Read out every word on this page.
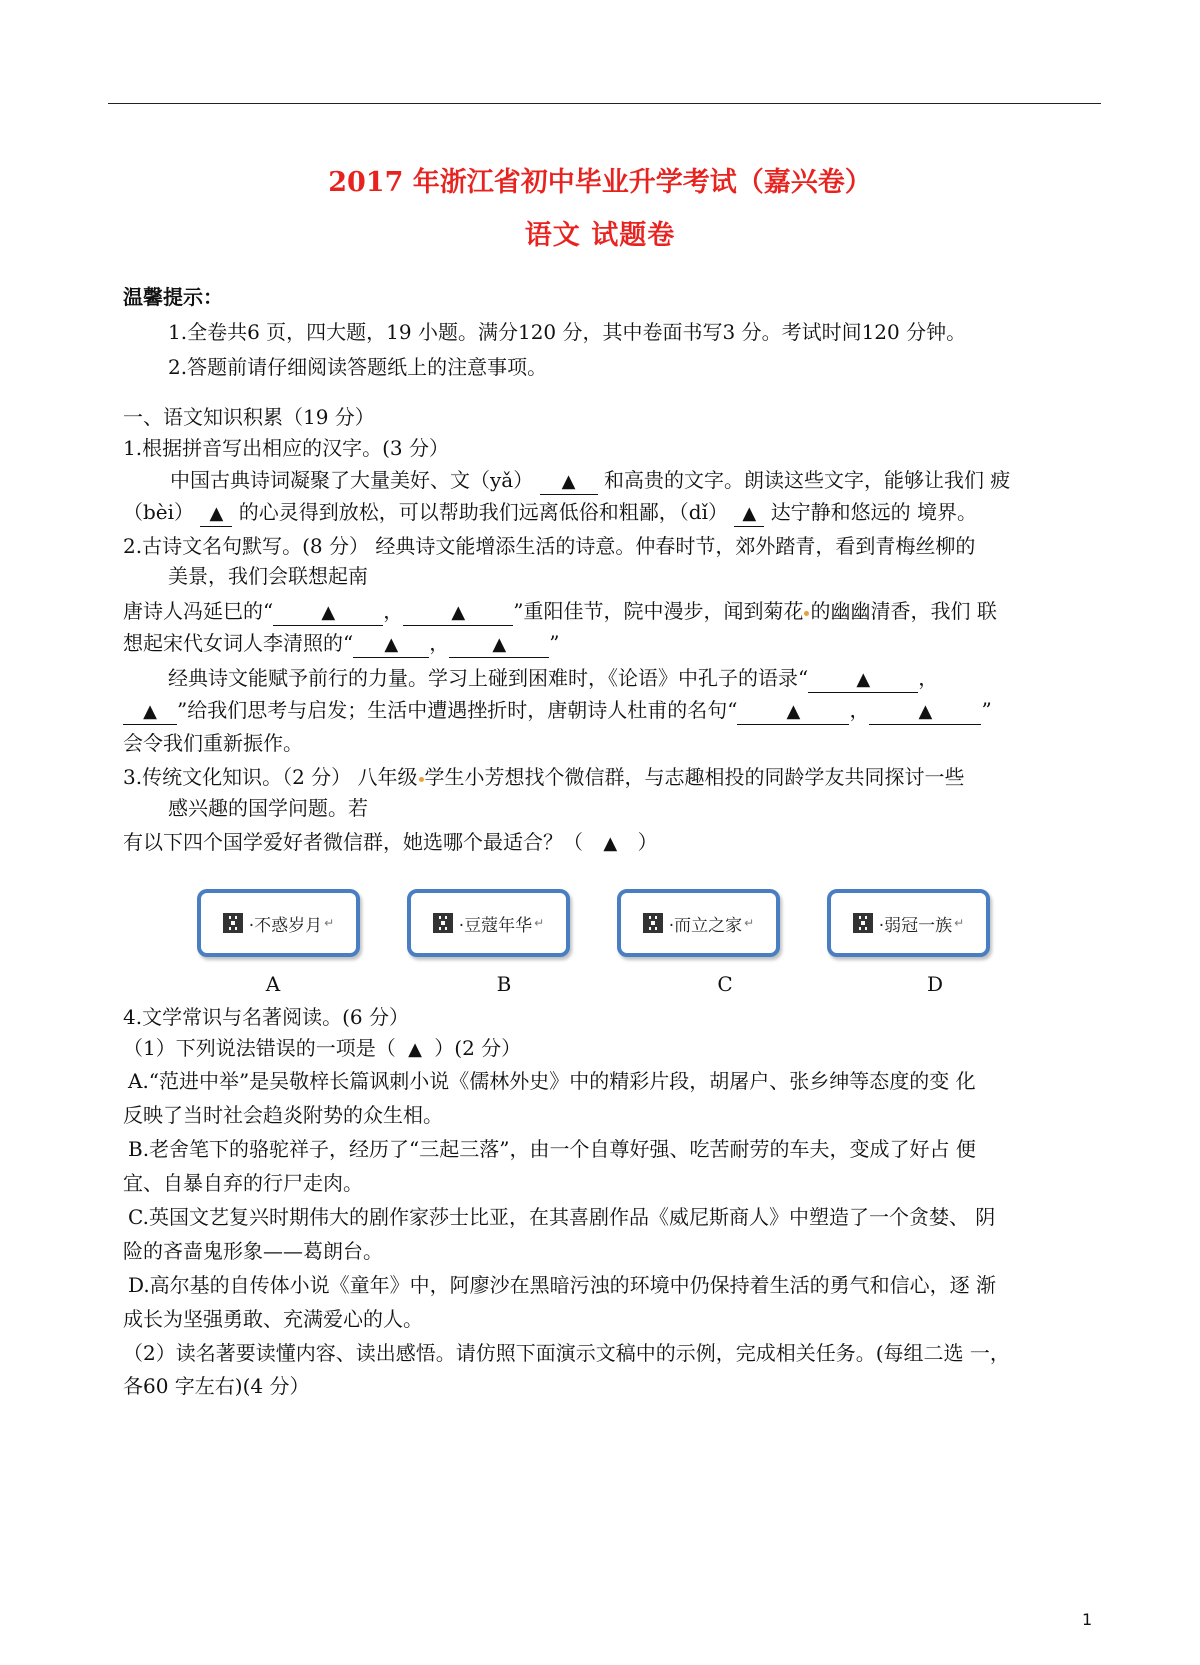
2017 年浙江省初中毕业升学考试（嘉兴卷）
语文 试题卷
温馨提示：
1.全卷共6 页，四大题，19 小题。满分120 分，其中卷面书写3 分。考试时间120 分钟。
2.答题前请仔细阅读答题纸上的注意事项。
一、语文知识积累（19 分）
1.根据拼音写出相应的汉字。(3 分）
中国古典诗词凝聚了大量美好、文（yǎ） ▲ 和高贵的文字。朗读这些文字，能够让我们 疲
（bèi） ▲ 的心灵得到放松，可以帮助我们远离低俗和粗鄙，（dǐ） ▲ 达宁静和悠远的 境界。
2.古诗文名句默写。(8 分） 经典诗文能增添生活的诗意。仲春时节，郊外踏青，看到青梅丝柳的
美景，我们会联想起南
唐诗人冯延巳的“	▲ ，	▲ ”重阳佳节，院中漫步，闻到菊花 的幽幽清香，我们 联
想起宋代女词人李清照的“ ▲ ， ▲ ”
经典诗文能赋予前行的力量。学习上碰到困难时，《论语》中孔子的语录“	▲ ，
▲ ”给我们思考与启发；生活中遭遇挫折时，唐朝诗人杜甫的名句“	▲ ，	▲ ”
会令我们重新振作。
3.传统文化知识。（2 分） 八年级 学生小芳想找个微信群，与志趣相投的同龄学友共同探讨一些
感兴趣的国学问题。若
有以下四个国学爱好者微信群，她选哪个最适合？（ ▲ ）
·不惑岁月 ↵	·豆蔻年华 ↵	·而立之家 ↵	·弱冠一族 ↵
A	B	C	D
4.文学常识与名著阅读。(6 分）
（1）下列说法错误的一项是（ ▲ ）(2 分）
A.“范进中举”是吴敬梓长篇讽刺小说《儒林外史》中的精彩片段，胡屠户、张乡绅等态度的变 化
反映了当时社会趋炎附势的众生相。
B.老舍笔下的骆驼祥子，经历了“三起三落”，由一个自尊好强、吃苦耐劳的车夫，变成了好占 便
宜、自暴自弃的行尸走肉。
C.英国文艺复兴时期伟大的剧作家莎士比亚，在其喜剧作品《威尼斯商人》中塑造了一个贪婪、 阴
险的吝啬鬼形象——葛朗台。
D.高尔基的自传体小说《童年》中，阿廖沙在黑暗污浊的环境中仍保持着生活的勇气和信心，逐 渐
成长为坚强勇敢、充满爱心的人。
（2）读名著要读懂内容、读出感悟。请仿照下面演示文稿中的示例，完成相关任务。(每组二选 一，
各60 字左右)(4 分）
1
